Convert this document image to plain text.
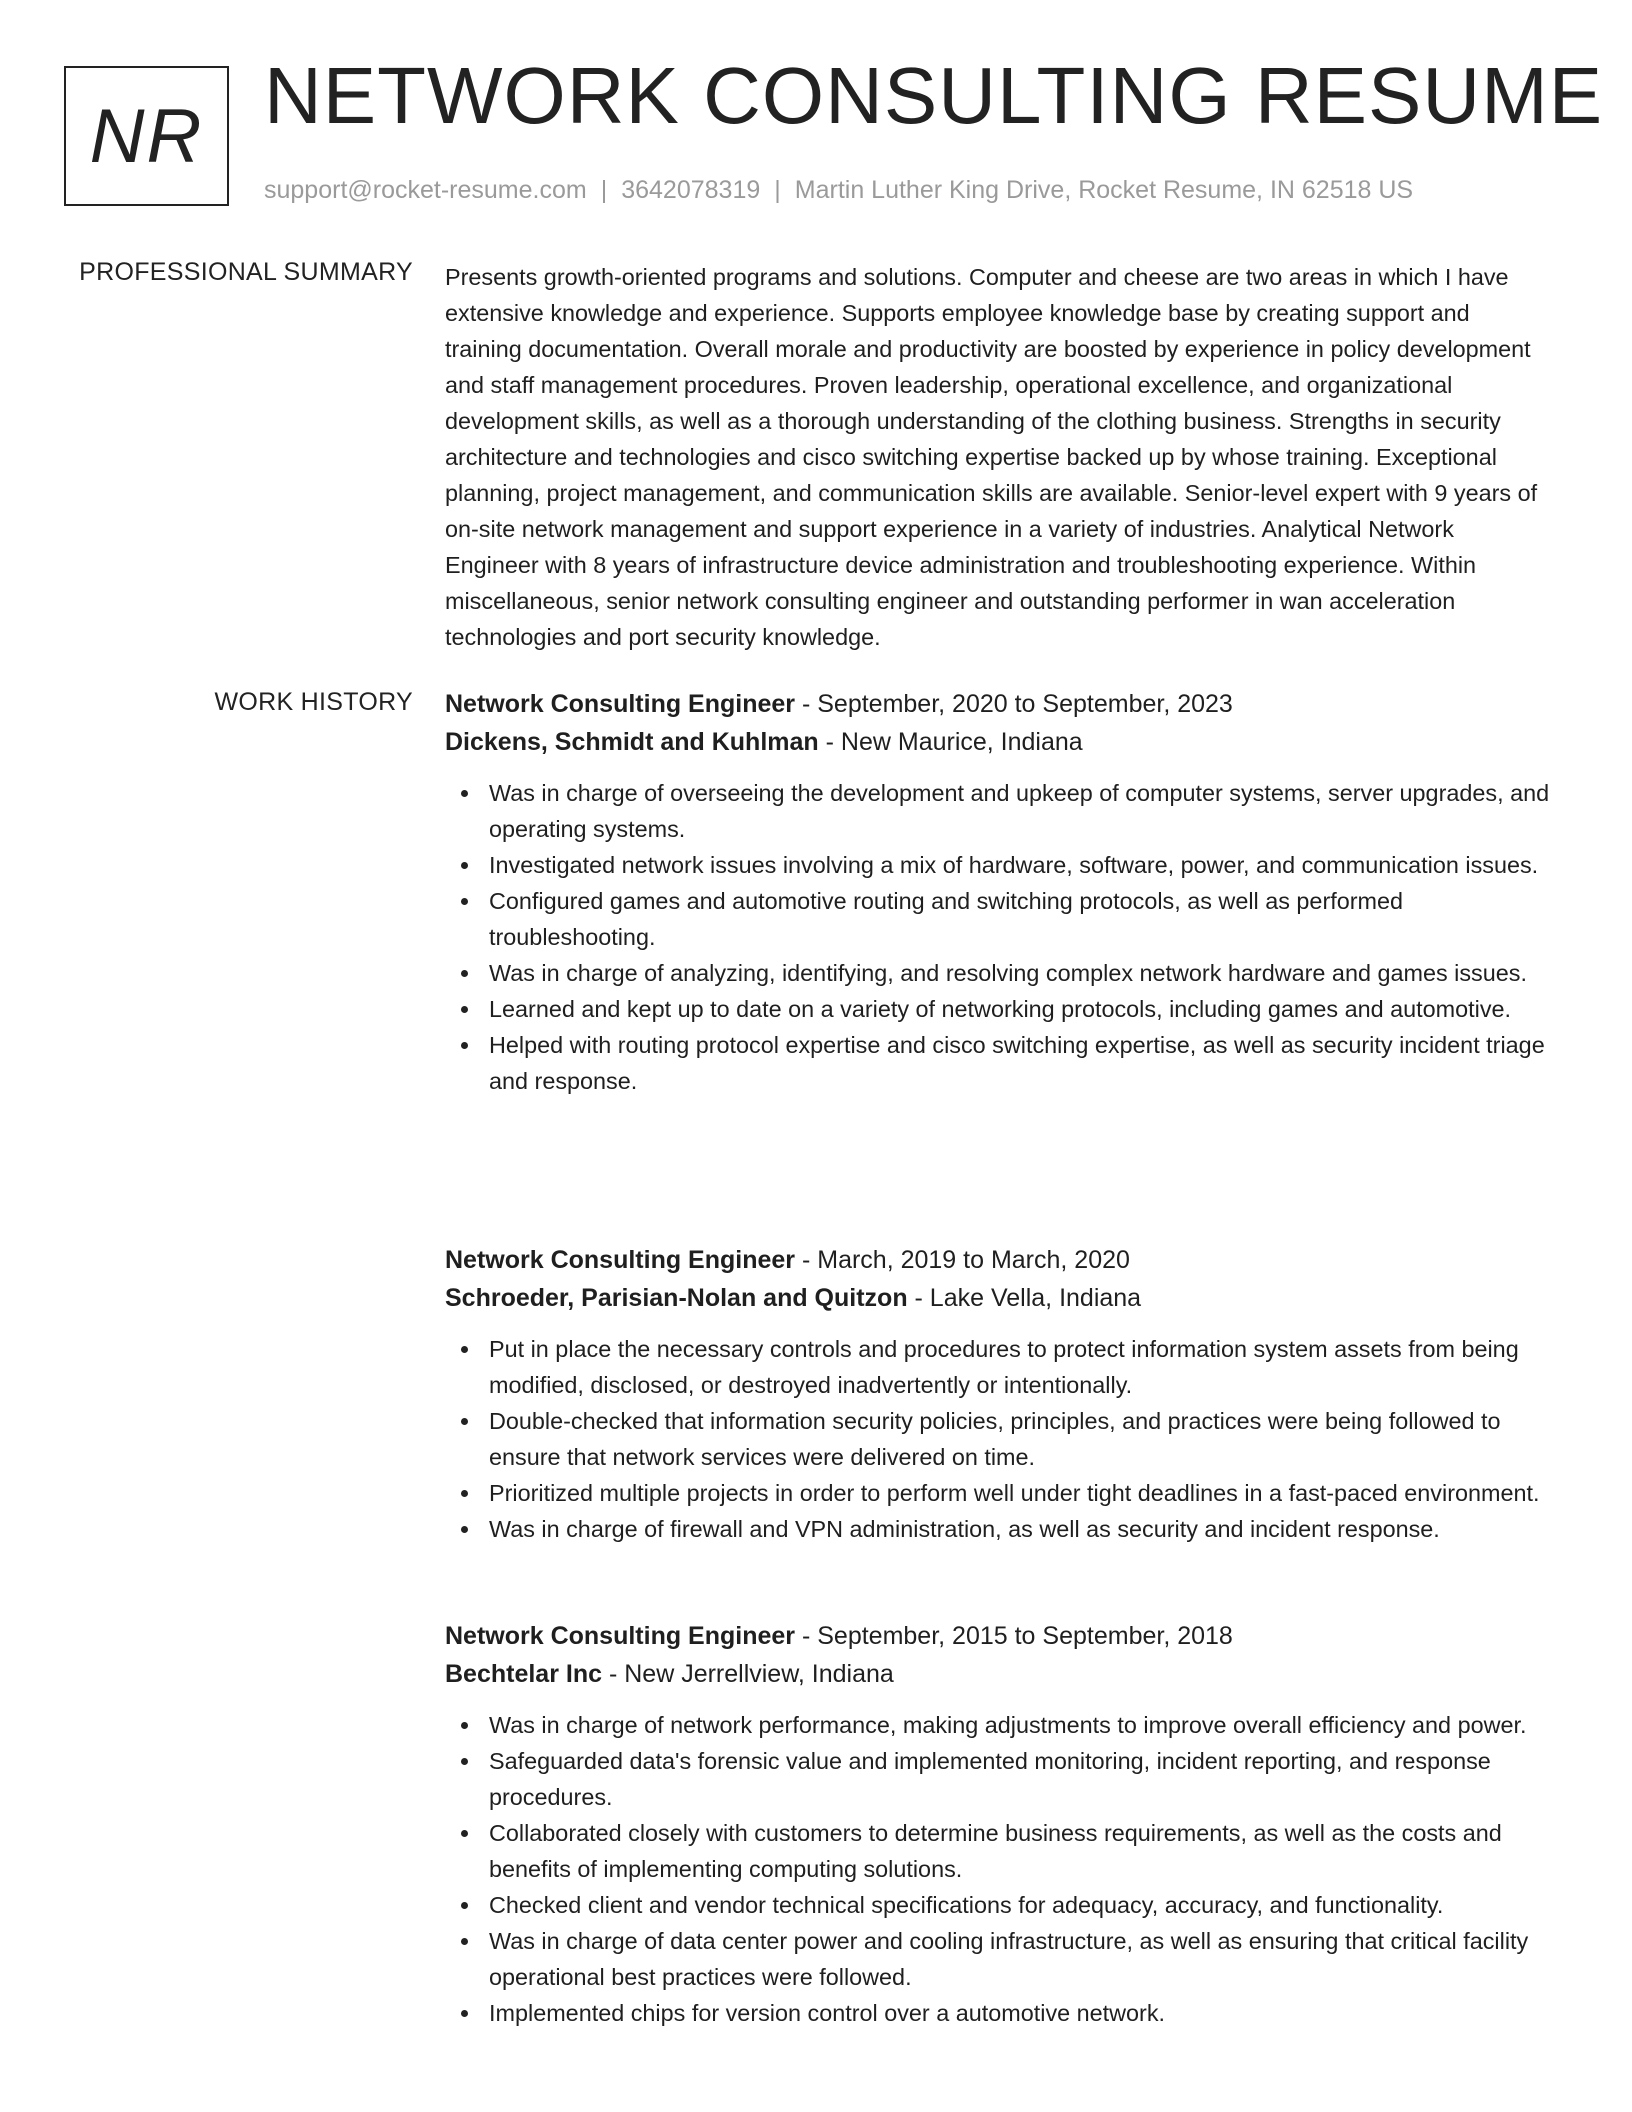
NR NETWORK CONSULTING RESUME
support@rocket-resume.com | 3642078319 | Martin Luther King Drive, Rocket Resume, IN 62518 US
PROFESSIONAL SUMMARY Presents growth-oriented programs and solutions. Computer and cheese are two areas in which I have extensive knowledge and experience. Supports employee knowledge base by creating support and training documentation. Overall morale and productivity are boosted by experience in policy development and staff management procedures. Proven leadership, operational excellence, and organizational development skills, as well as a thorough understanding of the clothing business. Strengths in security architecture and technologies and cisco switching expertise backed up by whose training. Exceptional planning, project management, and communication skills are available. Senior-level expert with 9 years of on-site network management and support experience in a variety of industries. Analytical Network Engineer with 8 years of infrastructure device administration and troubleshooting experience. Within miscellaneous, senior network consulting engineer and outstanding performer in wan acceleration technologies and port security knowledge.
WORK HISTORY Network Consulting Engineer - September, 2020 to September, 2023
Dickens, Schmidt and Kuhlman - New Maurice, Indiana
Was in charge of overseeing the development and upkeep of computer systems, server upgrades, and operating systems.
Investigated network issues involving a mix of hardware, software, power, and communication issues.
Configured games and automotive routing and switching protocols, as well as performed troubleshooting.
Was in charge of analyzing, identifying, and resolving complex network hardware and games issues.
Learned and kept up to date on a variety of networking protocols, including games and automotive.
Helped with routing protocol expertise and cisco switching expertise, as well as security incident triage and response.
Network Consulting Engineer - March, 2019 to March, 2020
Schroeder, Parisian-Nolan and Quitzon - Lake Vella, Indiana
Put in place the necessary controls and procedures to protect information system assets from being modified, disclosed, or destroyed inadvertently or intentionally.
Double-checked that information security policies, principles, and practices were being followed to ensure that network services were delivered on time.
Prioritized multiple projects in order to perform well under tight deadlines in a fast-paced environment.
Was in charge of firewall and VPN administration, as well as security and incident response.
Network Consulting Engineer - September, 2015 to September, 2018
Bechtelar Inc - New Jerrellview, Indiana
Was in charge of network performance, making adjustments to improve overall efficiency and power.
Safeguarded data's forensic value and implemented monitoring, incident reporting, and response procedures.
Collaborated closely with customers to determine business requirements, as well as the costs and benefits of implementing computing solutions.
Checked client and vendor technical specifications for adequacy, accuracy, and functionality.
Was in charge of data center power and cooling infrastructure, as well as ensuring that critical facility operational best practices were followed.
Implemented chips for version control over a automotive network.
